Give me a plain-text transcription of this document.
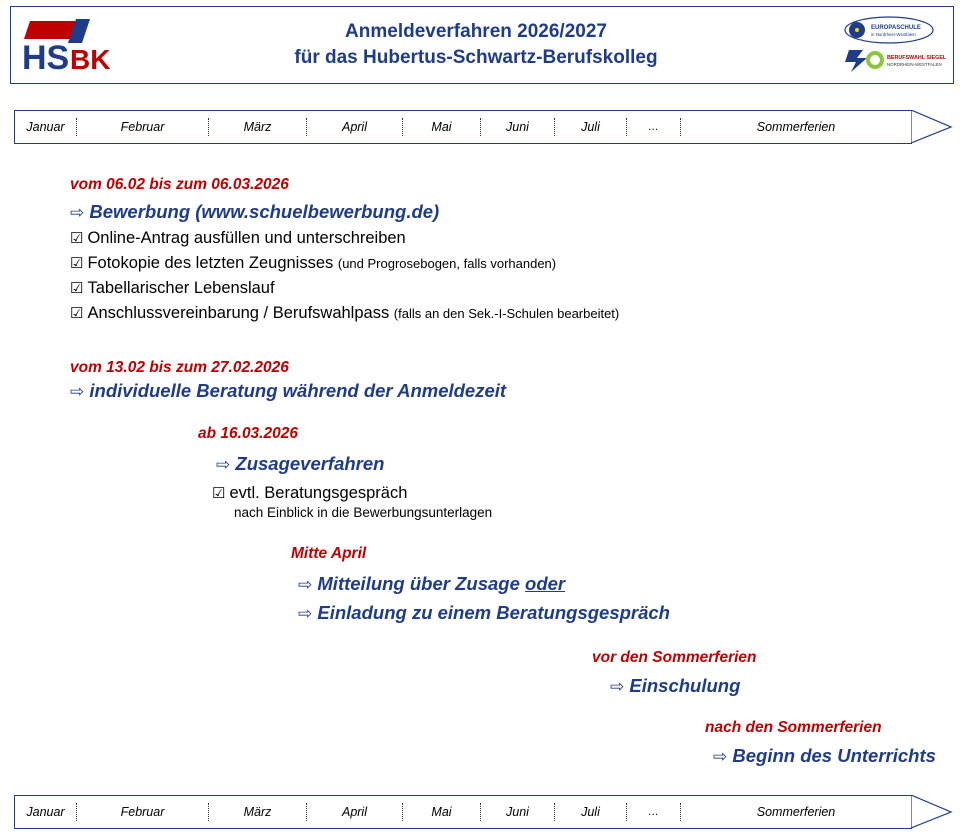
HS BK
Anmeldeverfahren 2026/2027
für das Hubertus-Schwartz-Berufskolleg
EUROPASCHULE
in Nordrhein-Westfalen
BERUFSWAHL SIEGEL
NORDRHEIN-WESTFALEN
Januar	Februar	März	April	Mai	Juni	Juli	…	Sommerferien
vom 06.02 bis zum 06.03.2026
⇨ Bewerbung (www.schuelbewerbung.de)
☑ Online-Antrag ausfüllen und unterschreiben
☑ Fotokopie des letzten Zeugnisses (und Progrosebogen, falls vorhanden)
☑ Tabellarischer Lebenslauf
☑ Anschlussvereinbarung / Berufswahlpass (falls an den Sek.-I-Schulen bearbeitet)
vom 13.02 bis zum 27.02.2026
⇨ individuelle Beratung während der Anmeldezeit
ab 16.03.2026
⇨ Zusageverfahren
☑ evtl. Beratungsgespräch
nach Einblick in die Bewerbungsunterlagen
Mitte April
⇨ Mitteilung über Zusage oder
⇨ Einladung zu einem Beratungsgespräch
vor den Sommerferien
⇨ Einschulung
nach den Sommerferien
⇨ Beginn des Unterrichts
Januar	Februar	März	April	Mai	Juni	Juli	…	Sommerferien
